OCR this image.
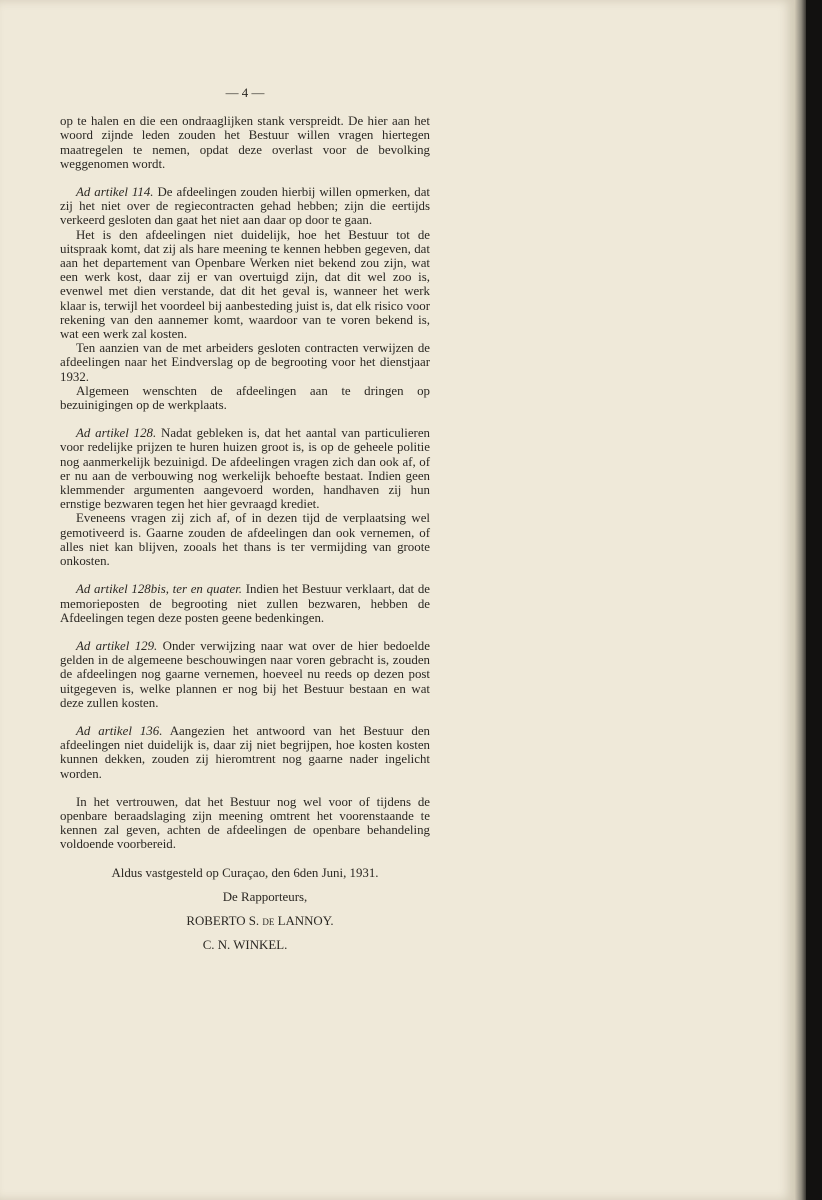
— 4 —

op te halen en die een ondraaglijken stank verspreidt. De hier aan het woord zijnde leden zouden het Bestuur willen vragen hiertegen maatregelen te nemen, opdat deze overlast voor de bevolking weggenomen wordt.

Ad artikel 114. De afdeelingen zouden hierbij willen opmerken, dat zij het niet over de regiecontracten gehad hebben; zijn die eertijds verkeerd gesloten dan gaat het niet aan daar op door te gaan.

Het is den afdeelingen niet duidelijk, hoe het Bestuur tot de uitspraak komt, dat zij als hare meening te kennen hebben gegeven, dat aan het departement van Openbare Werken niet bekend zou zijn, wat een werk kost, daar zij er van overtuigd zijn, dat dit wel zoo is, evenwel met dien verstande, dat dit het geval is, wanneer het werk klaar is, terwijl het voordeel bij aanbesteding juist is, dat elk risico voor rekening van den aannemer komt, waardoor van te voren bekend is, wat een werk zal kosten.

Ten aanzien van de met arbeiders gesloten contracten verwijzen de afdeelingen naar het Eindverslag op de begrooting voor het dienstjaar 1932.

Algemeen wenschten de afdeelingen aan te dringen op bezuinigingen op de werkplaats.

Ad artikel 128. Nadat gebleken is, dat het aantal van particulieren voor redelijke prijzen te huren huizen groot is, is op de geheele politie nog aanmerkelijk bezuinigd. De afdeelingen vragen zich dan ook af, of er nu aan de verbouwing nog werkelijk behoefte bestaat. Indien geen klemmender argumenten aangevoerd worden, handhaven zij hun ernstige bezwaren tegen het hier gevraagd krediet.

Eveneens vragen zij zich af, of in dezen tijd de verplaatsing wel gemotiveerd is. Gaarne zouden de afdeelingen dan ook vernemen, of alles niet kan blijven, zooals het thans is ter vermijding van groote onkosten.

Ad artikel 128bis, ter en quater. Indien het Bestuur verklaart, dat de memorieposten de begrooting niet zullen bezwaren, hebben de Afdeelingen tegen deze posten geene bedenkingen.

Ad artikel 129. Onder verwijzing naar wat over de hier bedoelde gelden in de algemeene beschouwingen naar voren gebracht is, zouden de afdeelingen nog gaarne vernemen, hoeveel nu reeds op dezen post uitgegeven is, welke plannen er nog bij het Bestuur bestaan en wat deze zullen kosten.

Ad artikel 136. Aangezien het antwoord van het Bestuur den afdeelingen niet duidelijk is, daar zij niet begrijpen, hoe kosten kosten kunnen dekken, zouden zij hieromtrent nog gaarne nader ingelicht worden.

In het vertrouwen, dat het Bestuur nog wel voor of tijdens de openbare beraadslaging zijn meening omtrent het voorenstaande te kennen zal geven, achten de afdeelingen de openbare behandeling voldoende voorbereid.

Aldus vastgesteld op Curaçao, den 6den Juni, 1931.
De Rapporteurs,
ROBERTO S. de LANNOY.
C. N. WINKEL.
